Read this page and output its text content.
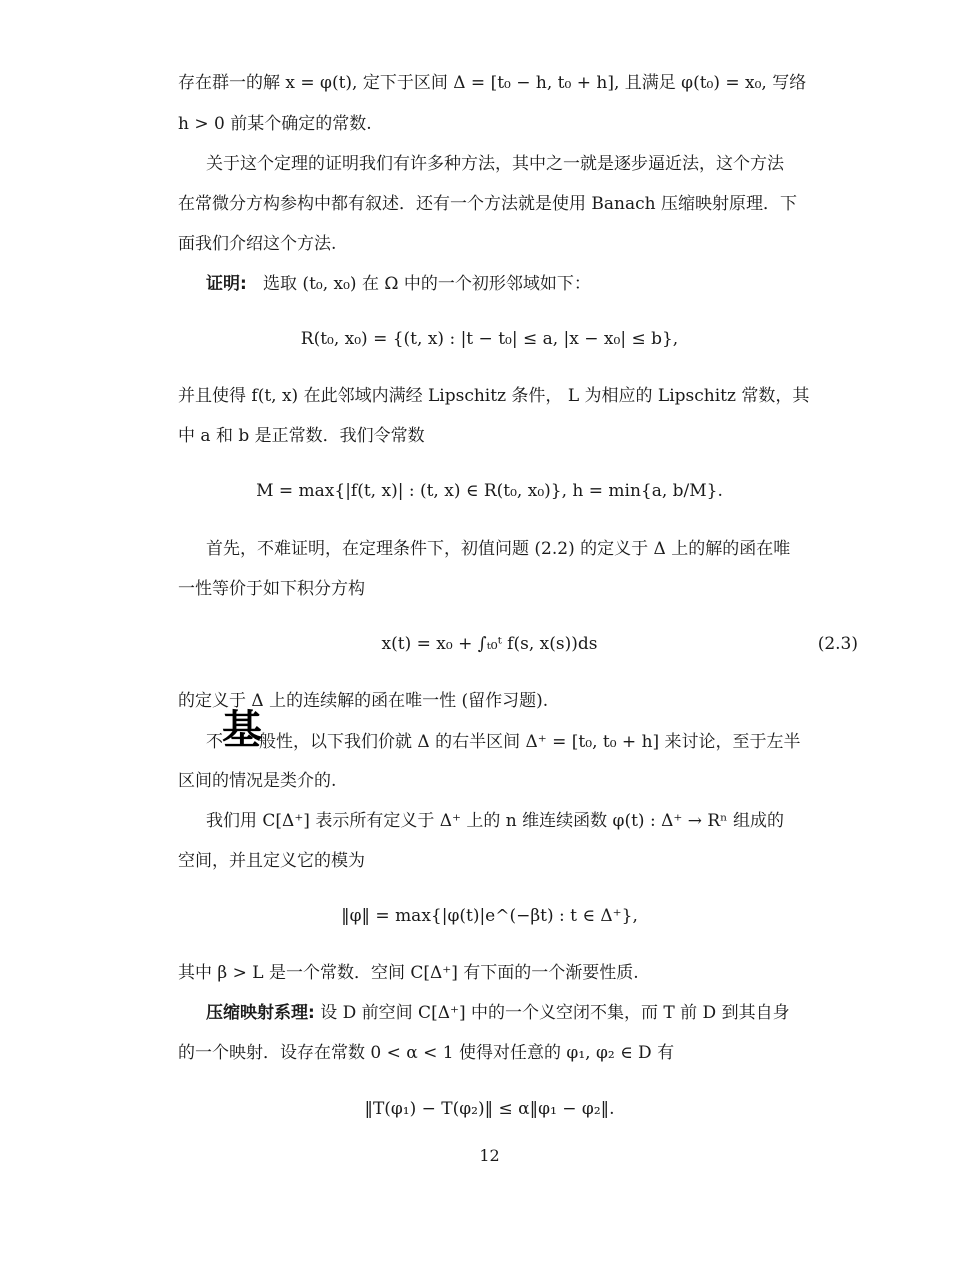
存在群一的解 x = φ(t), 定下于区间 Δ = [t₀ − h, t₀ + h], 且满足 φ(t₀) = x₀, 写络
h > 0 前某个确定的常数.
关于这个定理的证明我们有许多种方法，其中之一就是逐步逼近法，这个方法
在常微分方构参构中都有叙述．还有一个方法就是使用 Banach 压缩映射原理．下
面我们介绍这个方法.
证明: 选取 (t₀, x₀) 在 Ω 中的一个初形邻域如下：
R(t₀, x₀) = {(t, x) : |t − t₀| ≤ a, |x − x₀| ≤ b},
并且使得 f(t, x) 在此邻域内满经 Lipschitz 条件， L 为相应的 Lipschitz 常数，其
中 a 和 b 是正常数．我们令常数
M = max{|f(t, x)| : (t, x) ∈ R(t₀, x₀)}, h = min{a, b/M}.
首先，不难证明，在定理条件下，初值问题 (2.2) 的定义于 Δ 上的解的函在唯
一性等价于如下积分方构
x(t) = x₀ + ∫ₜ₀ᵗ f(s, x(s))ds	(2.3)
的定义于 Δ 上的连续解的函在唯一性 (留作习题).
不 般性，以下我们价就 Δ 的右半区间 Δ⁺ = [t₀, t₀ + h] 来讨论，至于左半
基
区间的情况是类介的.
我们用 C[Δ⁺] 表示所有定义于 Δ⁺ 上的 n 维连续函数 φ(t) : Δ⁺ → Rⁿ 组成的
空间，并且定义它的模为
‖φ‖ = max{|φ(t)|e^(−βt) : t ∈ Δ⁺},
其中 β > L 是一个常数．空间 C[Δ⁺] 有下面的一个渐要性质.
压缩映射系理: 设 D 前空间 C[Δ⁺] 中的一个义空闭不集，而 T 前 D 到其自身
的一个映射．设存在常数 0 < α < 1 使得对任意的 φ₁, φ₂ ∈ D 有
‖T(φ₁) − T(φ₂)‖ ≤ α‖φ₁ − φ₂‖.
12
